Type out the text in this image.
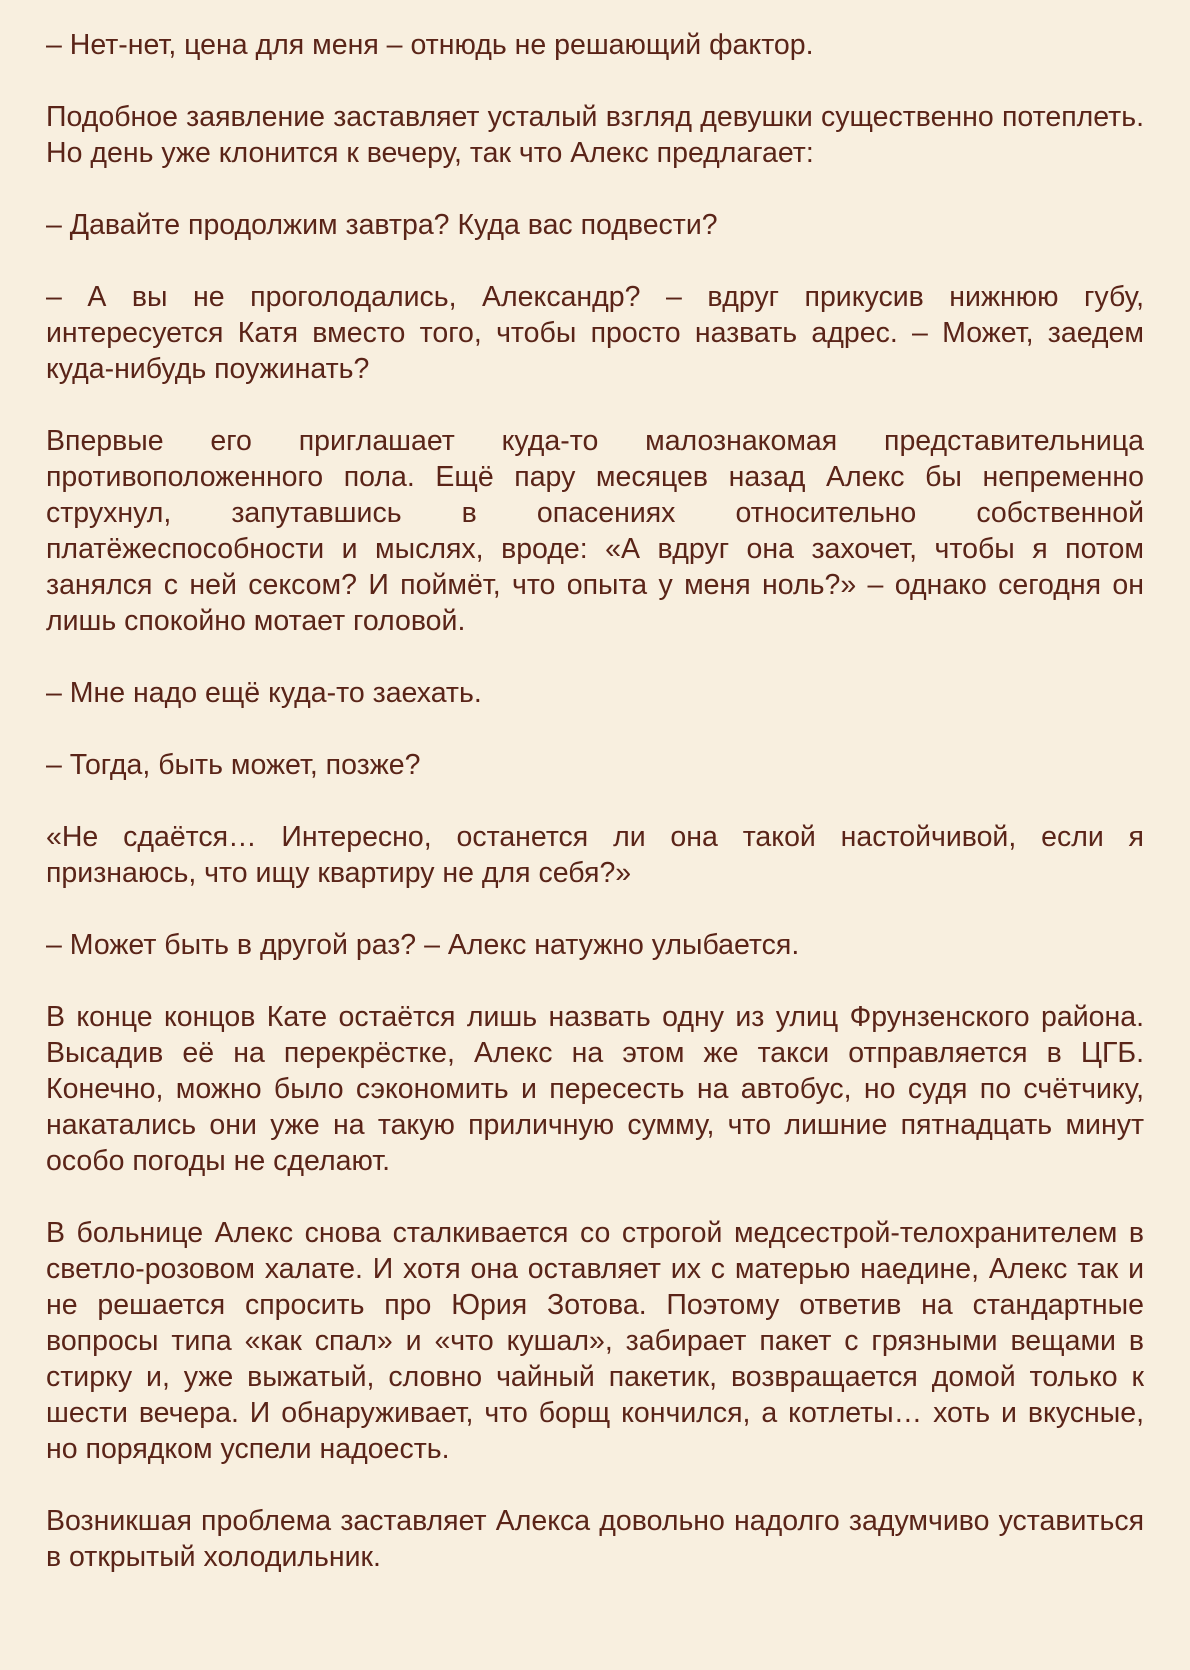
– Нет-нет, цена для меня – отнюдь не решающий фактор.

Подобное заявление заставляет усталый взгляд девушки существенно потеплеть. Но день уже клонится к вечеру, так что Алекс предлагает:

– Давайте продолжим завтра? Куда вас подвести?

– А вы не проголодались, Александр? – вдруг прикусив нижнюю губу, интересуется Катя вместо того, чтобы просто назвать адрес. – Может, заедем куда-нибудь поужинать?

Впервые его приглашает куда-то малознакомая представительница противоположенного пола. Ещё пару месяцев назад Алекс бы непременно струхнул, запутавшись в опасениях относительно собственной платёжеспособности и мыслях, вроде: «А вдруг она захочет, чтобы я потом занялся с ней сексом? И поймёт, что опыта у меня ноль?» – однако сегодня он лишь спокойно мотает головой.

– Мне надо ещё куда-то заехать.

– Тогда, быть может, позже?

«Не сдаётся… Интересно, останется ли она такой настойчивой, если я признаюсь, что ищу квартиру не для себя?»

– Может быть в другой раз? – Алекс натужно улыбается.

В конце концов Кате остаётся лишь назвать одну из улиц Фрунзенского района. Высадив её на перекрёстке, Алекс на этом же такси отправляется в ЦГБ. Конечно, можно было сэкономить и пересесть на автобус, но судя по счётчику, накатались они уже на такую приличную сумму, что лишние пятнадцать минут особо погоды не сделают.

В больнице Алекс снова сталкивается со строгой медсестрой-телохранителем в светло-розовом халате. И хотя она оставляет их с матерью наедине, Алекс так и не решается спросить про Юрия Зотова. Поэтому ответив на стандартные вопросы типа «как спал» и «что кушал», забирает пакет с грязными вещами в стирку и, уже выжатый, словно чайный пакетик, возвращается домой только к шести вечера. И обнаруживает, что борщ кончился, а котлеты… хоть и вкусные, но порядком успели надоесть.

Возникшая проблема заставляет Алекса довольно надолго задумчиво уставиться в открытый холодильник.
